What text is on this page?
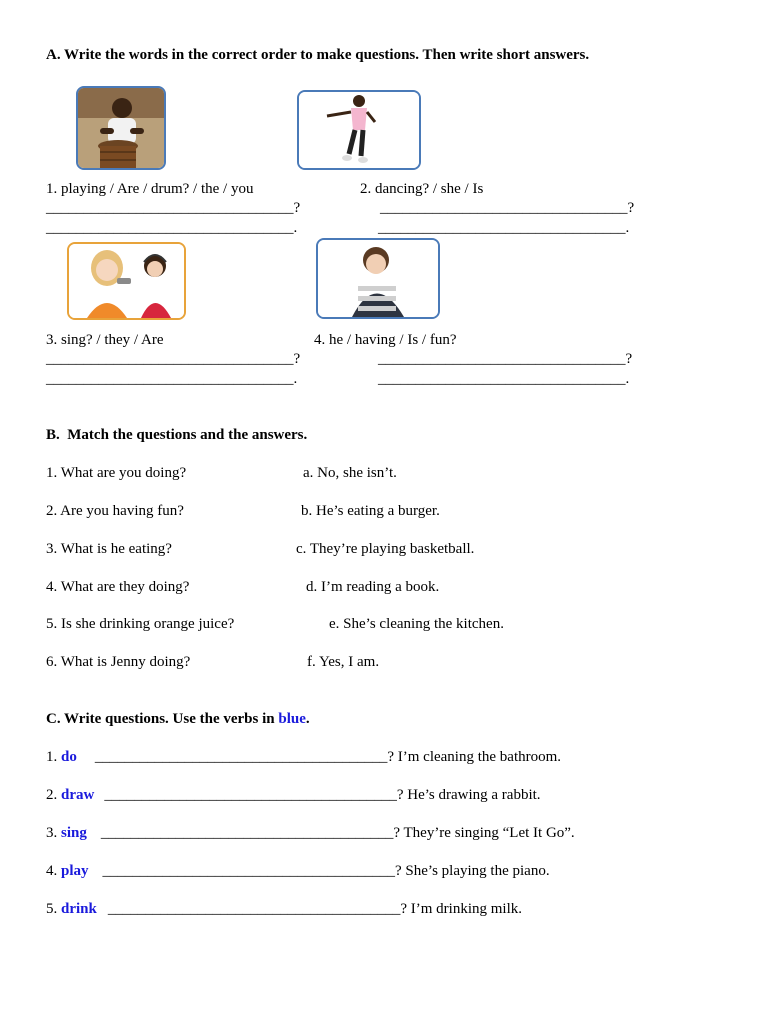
A. Write the words in the correct order to make questions. Then write short answers.
1. playing / Are / drum? / the / you	2. dancing? / she / Is
_________________________________?	_________________________________?
_________________________________.	_________________________________.
3. sing? / they / Are	4. he / having / Is / fun?
_________________________________?	_________________________________?
_________________________________.	_________________________________.
B.  Match the questions and the answers.
1. What are you doing?	a. No, she isn’t.
2. Are you having fun?	b. He’s eating a burger.
3. What is he eating?	c. They’re playing basketball.
4. What are they doing?	d. I’m reading a book.
5. Is she drinking orange juice?	e. She’s cleaning the kitchen.
6. What is Jenny doing?	f. Yes, I am.
C. Write questions. Use the verbs in blue.
1. do _______________________________________? I’m cleaning the bathroom.
2. draw _______________________________________? He’s drawing a rabbit.
3. sing _______________________________________? They’re singing “Let It Go”.
4. play _______________________________________? She’s playing the piano.
5. drink _______________________________________? I’m drinking milk.
